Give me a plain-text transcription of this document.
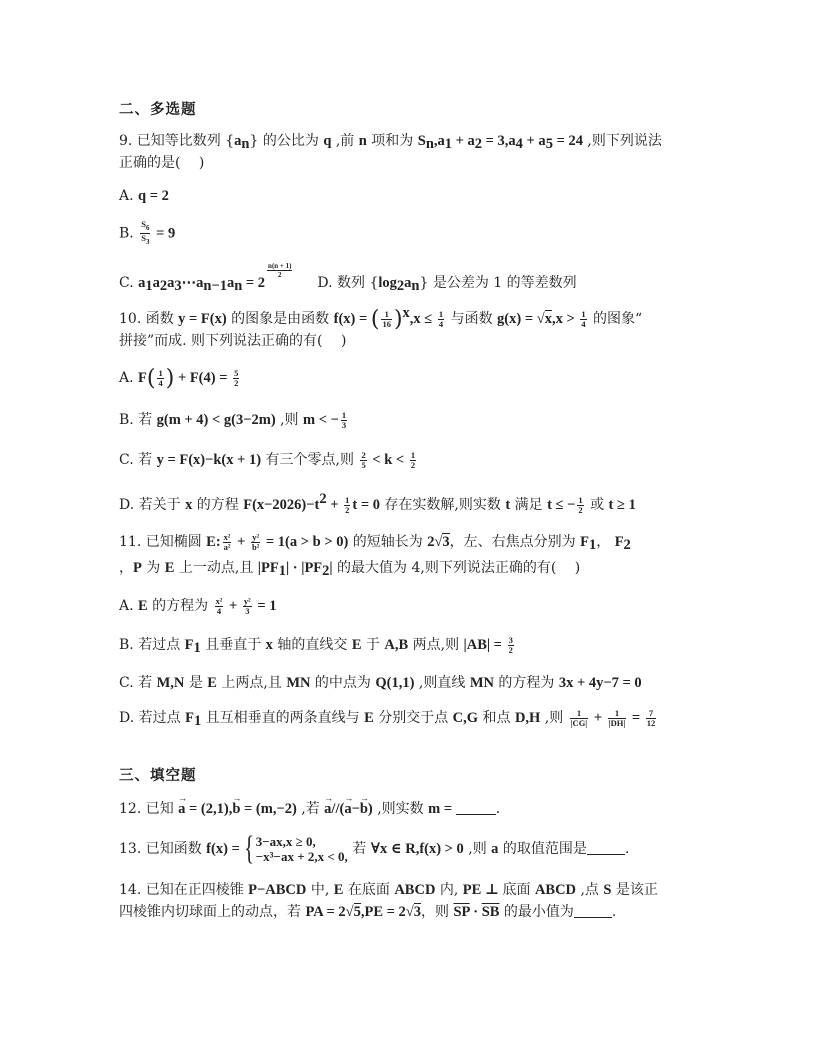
二、多选题
9. 已知等比数列 $\{a_n\}$ 的公比为 q ,前 n 项和为 $S_n,a_1 + a_2 = 3,a_4 + a_5 = 24$ ,则下列说法
正确的是(　 )
A. q = 2
B. $\frac{S_6}{S_3} = 9$
C. $a_1a_2a_3\cdots a_{n-1}a_n = 2$
$\frac{n(n + 1)}{2}$
D. 数列 $\{\log_2a_n\}$ 是公差为 1 的等差数列
10. 函数 y = F(x) 的图象是由函数 f(x) = ( $\frac{1}{16} )^x,x \le \frac{1}{4}$ 与函数 $g(x) = √x,x > \frac{1}{4}$ 的图象“
拼接”而成. 则下列说法正确的有(　 )
A. $F( \frac{1}{4}$ ) + $F(4) = \frac{5}{2}$
B. 若 g(m + 4) < g(3−2m) ,则 m < − $\frac{1}{3}$
C. 若 y = F(x)−k(x + 1) 有三个零点,则 $\frac{2}{5} < k < \frac{1}{2}$
D. 若关于 x 的方程 $F(x-2026)-t^2 + \frac{1}{2}$ t = 0 存在实数解,则实数 t 满足 t ≤ − $\frac{1}{2}$ 或 t ≥ 1
11. 已知椭圆 E: $\frac{\text{x²}}{\text{a²}} + \frac{\text{y²}}{\text{b²}} = 1(a > b > 0)$ 的短轴长为 2√3，左、右焦点分别为 $F_1$， $F_2$
，P 为 E 上一动点,且 $|PF_1| \cdot |PF_2|$ 的最大值为 4,则下列说法正确的有(　 )
A. E 的方程为 $\frac{\text{x²}}{4} + \frac{\text{y²}}{3} = 1$
B. 若过点 $F_1$ 且垂直于 x 轴的直线交 E 于 A,B 两点,则 $|AB| = \frac{3}{2}$
C. 若 M,N 是 E 上两点,且 MN 的中点为 Q(1,1) ,则直线 MN 的方程为 3x + 4y−7 = 0
D. 若过点 $F_1$ 且互相垂直的两条直线与 E 分别交于点 C,G 和点 D,H ,则 $\frac{1}{|CG|} + \frac{1}{|DH|} = \frac{7}{12}$
三、填空题
12. 已知 → a = (2,1),→ b = (m,−2) ,若 → a//(→ a−→ b) ,则实数 m =	.
13. 已知函数 f(x) = { 3−ax,x ≥ 0,
−x³−ax + 2,x < 0, 若 ∀x ∈ R,f(x) > 0 ,则 a 的取值范围是	.
14. 已知在正四棱锥 P−ABCD 中, E 在底面 ABCD 内, PE ⊥ 底面 ABCD ,点 S 是该正
四棱锥内切球面上的动点，若 PA = 2√5,PE = 2√3，则 $\overline{SP} \cdot \overline{SB}$ 的最小值为	.
